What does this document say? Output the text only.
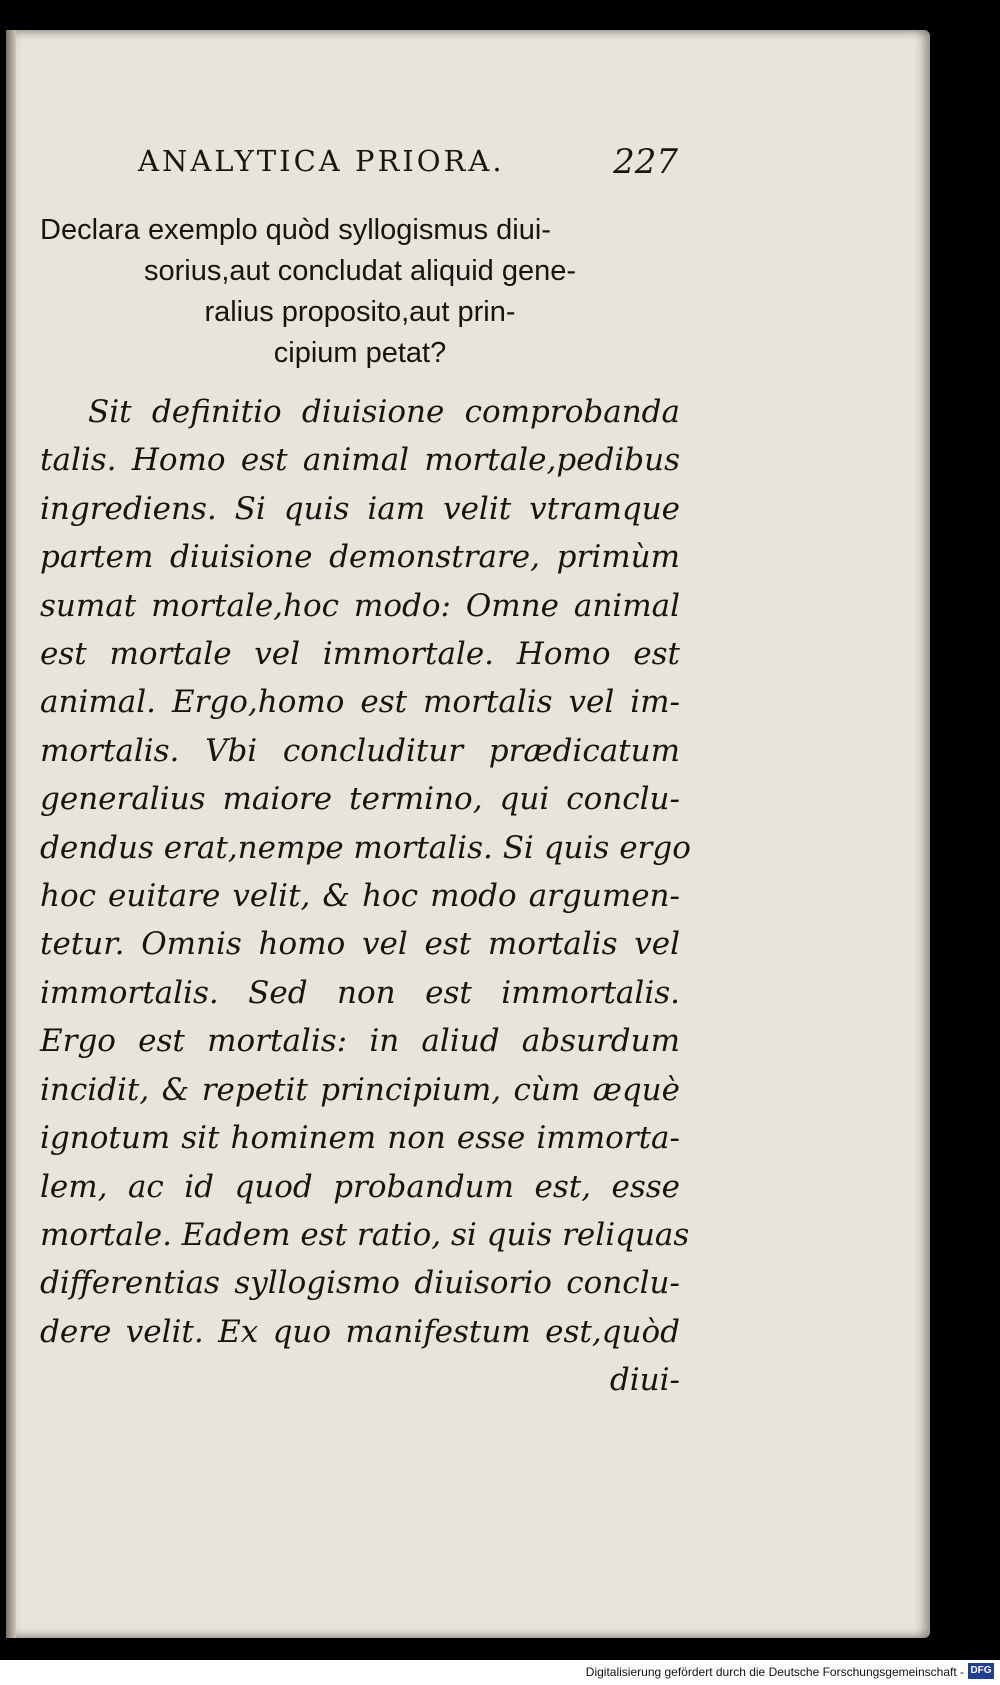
ANALYTICA PRIORA.	227
Declara exemplo quòd syllogismus diui-
sorius,aut concludat aliquid gene-
ralius proposito,aut prin-
cipium petat?
Sit definitio diuisione comprobanda
talis. Homo est animal mortale,pedibus
ingrediens. Si quis iam velit vtramque
partem diuisione demonstrare, primùm
sumat mortale,hoc modo: Omne animal
est mortale vel immortale. Homo est
animal. Ergo,homo est mortalis vel im-
mortalis. Vbi concluditur prædicatum
generalius maiore termino, qui conclu-
dendus erat,nempe mortalis. Si quis ergo
hoc euitare velit, & hoc modo argumen-
tetur. Omnis homo vel est mortalis vel
immortalis. Sed non est immortalis.
Ergo est mortalis: in aliud absurdum
incidit, & repetit principium, cùm æquè
ignotum sit hominem non esse immorta-
lem, ac id quod probandum est, esse
mortale. Eadem est ratio, si quis reliquas
differentias syllogismo diuisorio conclu-
dere velit. Ex quo manifestum est,quòd
diui-
Digitalisierung gefördert durch die Deutsche Forschungsgemeinschaft - DFG
